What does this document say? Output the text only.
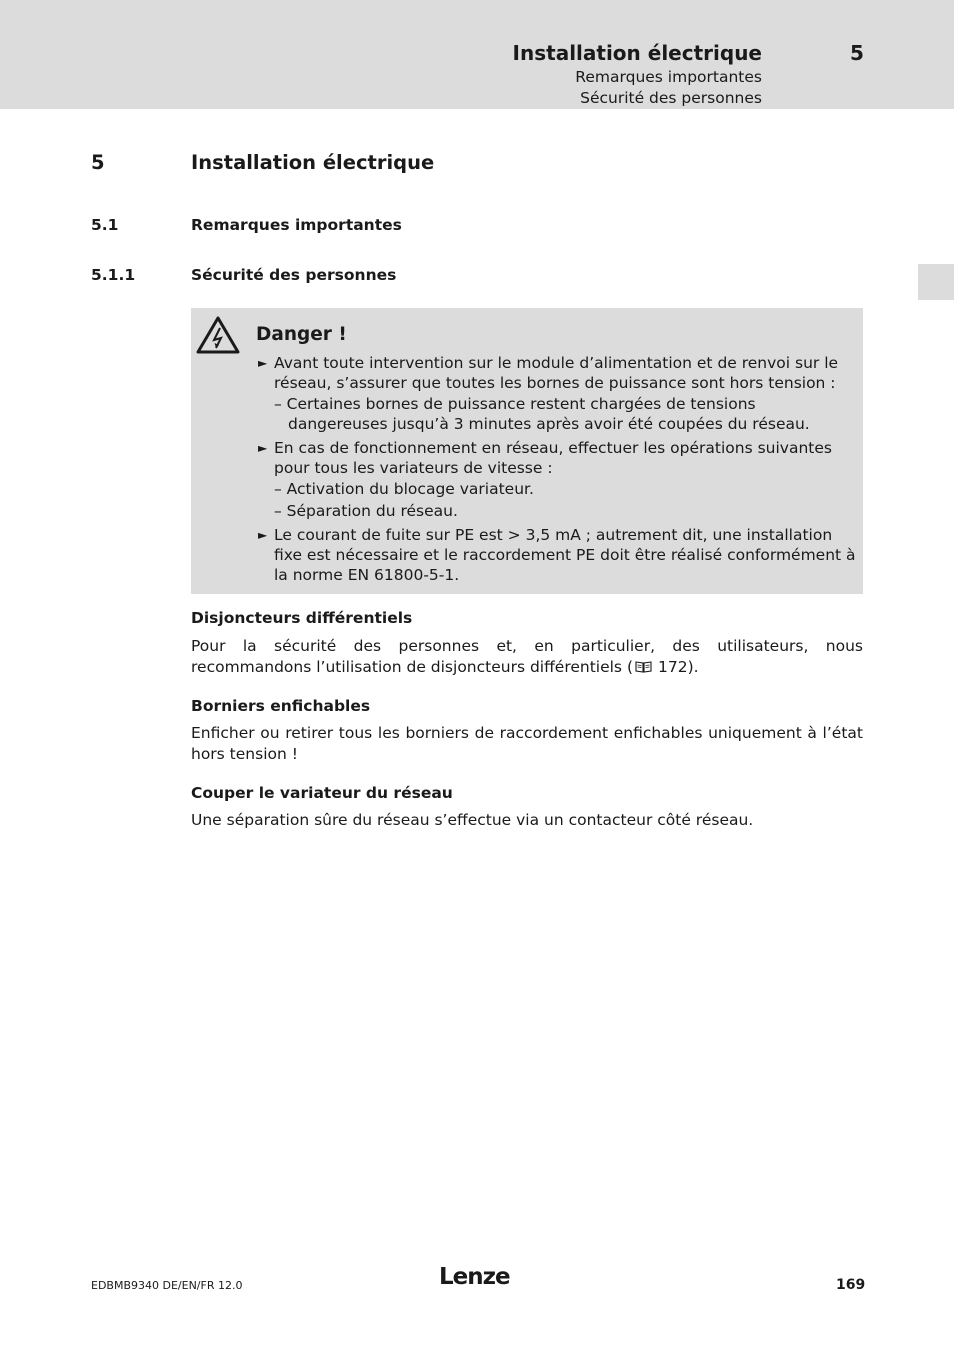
Installation électrique	5
Remarques importantes
Sécurité des personnes
5	Installation électrique
5.1	Remarques importantes
5.1.1	Sécurité des personnes
Danger !
► Avant toute intervention sur le module d’alimentation et de renvoi sur le réseau, s’assurer que toutes les bornes de puissance sont hors tension :
– Certaines bornes de puissance restent chargées de tensions dangereuses jusqu’à 3 minutes après avoir été coupées du réseau.
► En cas de fonctionnement en réseau, effectuer les opérations suivantes pour tous les variateurs de vitesse :
– Activation du blocage variateur.
– Séparation du réseau.
► Le courant de fuite sur PE est > 3,5 mA ; autrement dit, une installation fixe est nécessaire et le raccordement PE doit être réalisé conformément à la norme EN 61800-5-1.
Disjoncteurs différentiels
Pour la sécurité des personnes et, en particulier, des utilisateurs, nous recommandons l’utilisation de disjoncteurs différentiels ( 172).
Borniers enfichables
Enficher ou retirer tous les borniers de raccordement enfichables uniquement à l’état hors tension !
Couper le variateur du réseau
Une séparation sûre du réseau s’effectue via un contacteur côté réseau.
EDBMB9340 DE/EN/FR 12.0	Lenze	169
